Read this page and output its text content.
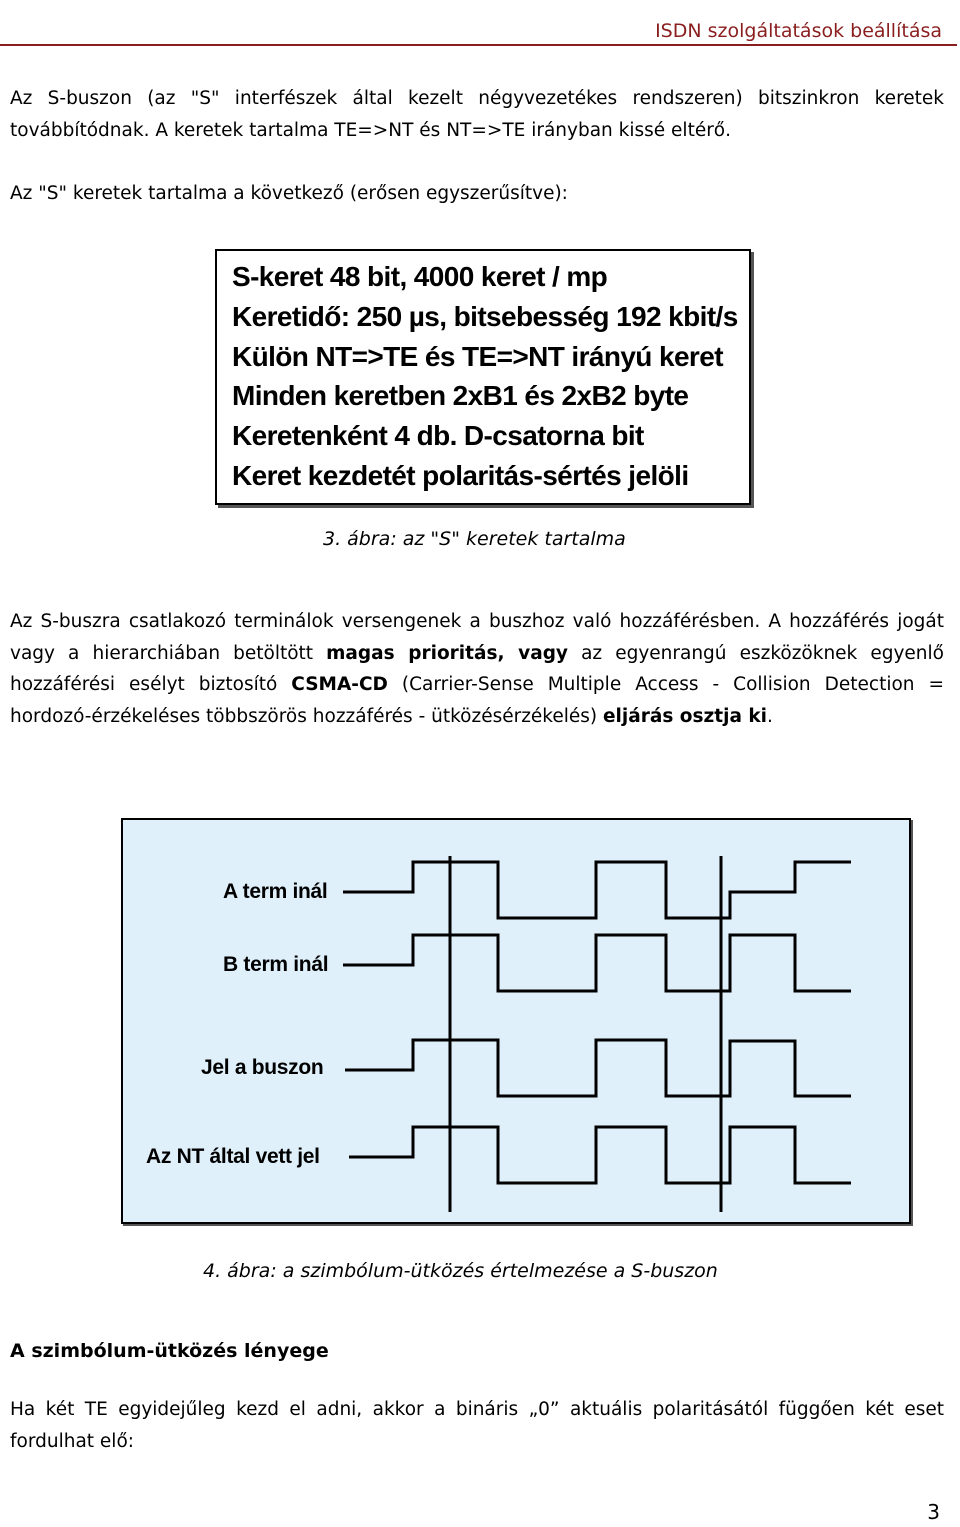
ISDN szolgáltatások beállítása
Az S-buszon (az "S" interfészek által kezelt négyvezetékes rendszeren) bitszinkron keretek továbbítódnak. A keretek tartalma TE=>NT és NT=>TE irányban kissé eltérő.
Az "S" keretek tartalma a következő (erősen egyszerűsítve):
S-keret 48 bit, 4000 keret / mp
Keretidő: 250 µs, bitsebesség 192 kbit/s
Külön NT=>TE és TE=>NT irányú keret
Minden keretben 2xB1 és 2xB2 byte
Keretenként 4 db. D-csatorna bit
Keret kezdetét polaritás-sértés jelöli
3. ábra: az "S" keretek tartalma
Az S-buszra csatlakozó terminálok versengenek a buszhoz való hozzáférésben. A hozzáférés jogát vagy a hierarchiában betöltött magas prioritás, vagy az egyenrangú eszközöknek egyenlő hozzáférési esélyt biztosító CSMA-CD (Carrier-Sense Multiple Access - Collision Detection = hordozó-érzékeléses többszörös hozzáférés - ütközésérzékelés) eljárás osztja ki.
A term inál
B term inál
Jel a buszon
Az NT által vett jel
4. ábra: a szimbólum-ütközés értelmezése a S-buszon
A szimbólum-ütközés lényege
Ha két TE egyidejűleg kezd el adni, akkor a bináris „0” aktuális polaritásától függően két eset fordulhat elő:
3
